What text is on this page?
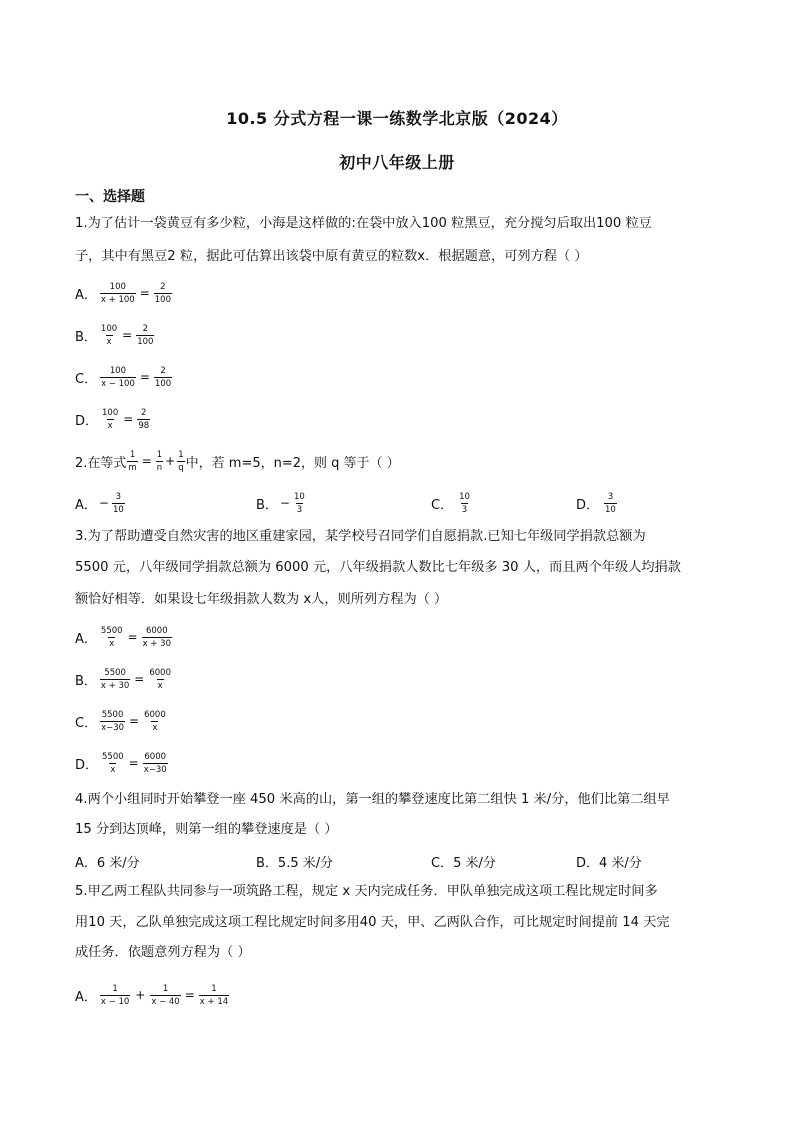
10.5 分式方程一课一练数学北京版（2024）
初中八年级上册
一、选择题
1.为了估计一袋黄豆有多少粒，小海是这样做的:在袋中放入100 粒黑豆，充分搅匀后取出100 粒豆
子，其中有黑豆2 粒，据此可估算出该袋中原有黄豆的粒数x．根据题意，可列方程（ ）
A． $\frac{100}{x + 100} = \frac{2}{100}$
B． $\frac{100}{x} = \frac{2}{100}$
C． $\frac{100}{x - 100} = \frac{2}{100}$
D． $\frac{100}{x} = \frac{2}{98}$
2.在等式 $\frac{1}{m} = \frac{1}{n} + \frac{1}{q}$ 中，若 m=5，n=2，则 q 等于（ ）
A． − $\frac{3}{10}$	B． − $\frac{10}{3}$	C． $\frac{10}{3}$	D． $\frac{3}{10}$
3.为了帮助遭受自然灾害的地区重建家园，某学校号召同学们自愿捐款.已知七年级同学捐款总额为
5500 元，八年级同学捐款总额为 6000 元，八年级捐款人数比七年级多 30 人，而且两个年级人均捐款
额恰好相等．如果设七年级捐款人数为 x人，则所列方程为（ ）
A． $\frac{5500}{x} = \frac{6000}{x + 30}$
B． $\frac{5500}{x + 30} = \frac{6000}{x}$
C． $\frac{5500}{x-30} = \frac{6000}{x}$
D． $\frac{5500}{x} = \frac{6000}{x-30}$
4.两个小组同时开始攀登一座 450 米高的山，第一组的攀登速度比第二组快 1 米/分，他们比第二组早
15 分到达顶峰，则第一组的攀登速度是（ ）
A．6 米/分	B．5.5 米/分	C．5 米/分	D．4 米/分
5.甲乙两工程队共同参与一项筑路工程，规定 x 天内完成任务．甲队单独完成这项工程比规定时间多
用10 天，乙队单独完成这项工程比规定时间多用40 天，甲、乙两队合作，可比规定时间提前 14 天完
成任务．依题意列方程为（ ）
A． $\frac{1}{x - 10} + \frac{1}{x - 40} = \frac{1}{x + 14}$
